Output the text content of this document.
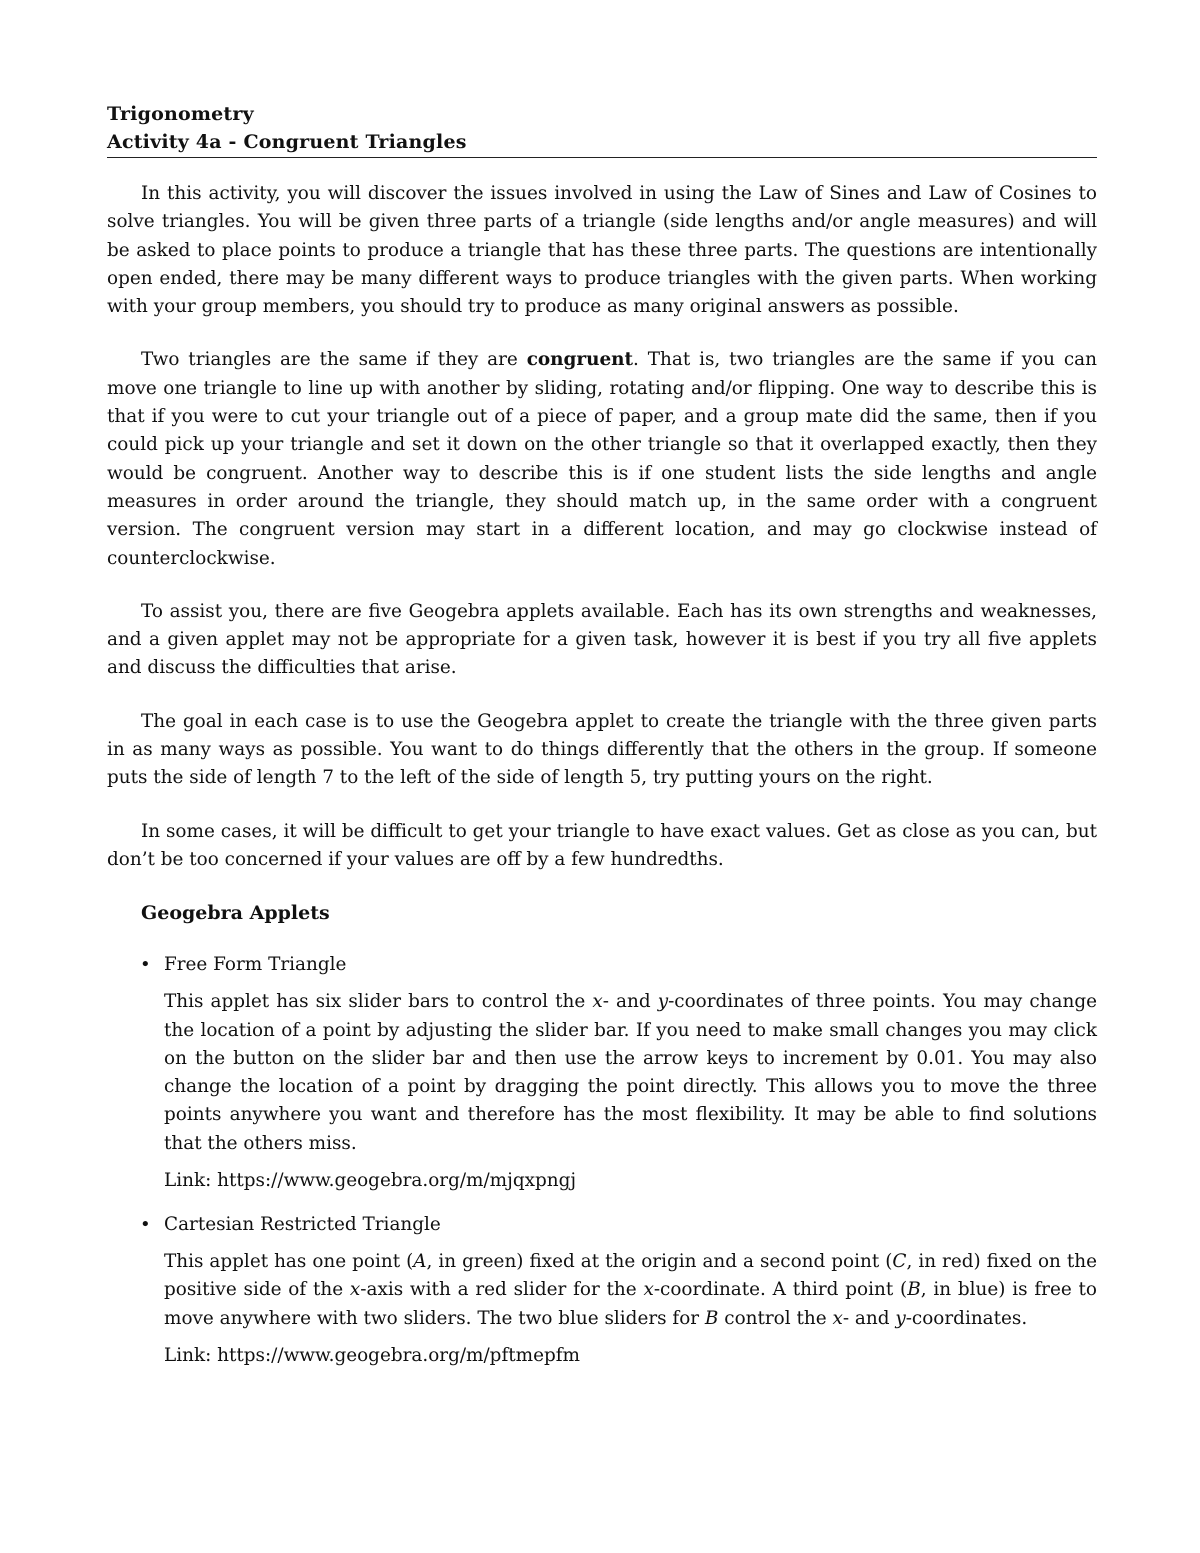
Trigonometry
Activity 4a - Congruent Triangles

In this activity, you will discover the issues involved in using the Law of Sines and Law of Cosines to solve triangles. You will be given three parts of a triangle (side lengths and/or angle measures) and will be asked to place points to produce a triangle that has these three parts. The questions are intentionally open ended, there may be many different ways to produce triangles with the given parts. When working with your group members, you should try to produce as many original answers as possible.

Two triangles are the same if they are congruent. That is, two triangles are the same if you can move one triangle to line up with another by sliding, rotating and/or flipping. One way to describe this is that if you were to cut your triangle out of a piece of paper, and a group mate did the same, then if you could pick up your triangle and set it down on the other triangle so that it overlapped exactly, then they would be congruent. Another way to describe this is if one student lists the side lengths and angle measures in order around the triangle, they should match up, in the same order with a congruent version. The congruent version may start in a different location, and may go clockwise instead of counterclockwise.

To assist you, there are five Geogebra applets available. Each has its own strengths and weaknesses, and a given applet may not be appropriate for a given task, however it is best if you try all five applets and discuss the difficulties that arise.

The goal in each case is to use the Geogebra applet to create the triangle with the three given parts in as many ways as possible. You want to do things differently that the others in the group. If someone puts the side of length 7 to the left of the side of length 5, try putting yours on the right.

In some cases, it will be difficult to get your triangle to have exact values. Get as close as you can, but don’t be too concerned if your values are off by a few hundredths.

Geogebra Applets
• Free Form Triangle

This applet has six slider bars to control the x- and y-coordinates of three points. You may change the location of a point by adjusting the slider bar. If you need to make small changes you may click on the button on the slider bar and then use the arrow keys to increment by 0.01. You may also change the location of a point by dragging the point directly. This allows you to move the three points anywhere you want and therefore has the most flexibility. It may be able to find solutions that the others miss.

Link: https://www.geogebra.org/m/mjqxpngj
• Cartesian Restricted Triangle

This applet has one point (A, in green) fixed at the origin and a second point (C, in red) fixed on the positive side of the x-axis with a red slider for the x-coordinate. A third point (B, in blue) is free to move anywhere with two sliders. The two blue sliders for B control the x- and y-coordinates.

Link: https://www.geogebra.org/m/pftmepfm
